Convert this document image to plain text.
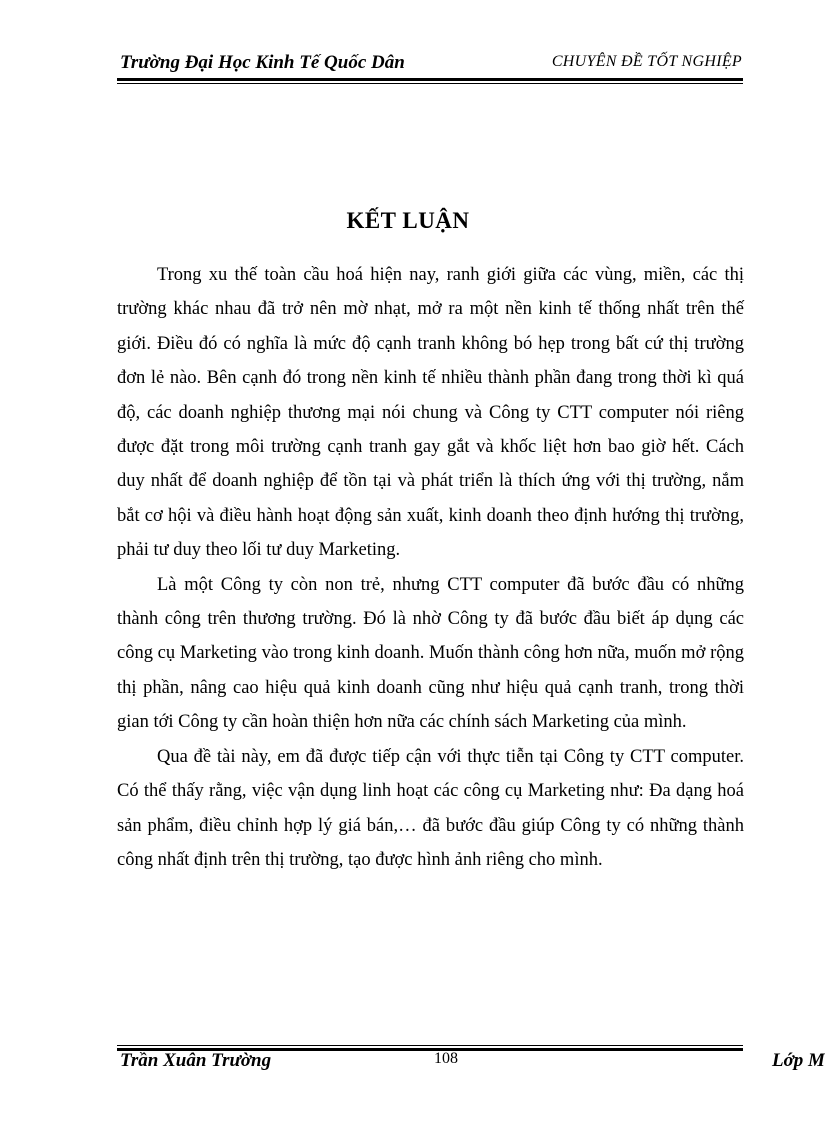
Trường Đại Học Kinh Tế Quốc Dân	CHUYÊN ĐỀ TỐT NGHIỆP
KẾT LUẬN

Trong xu thế toàn cầu hoá hiện nay, ranh giới giữa các vùng, miền, các thị trường khác nhau đã trở nên mờ nhạt, mở ra một nền kinh tế thống nhất trên thế giới. Điều đó có nghĩa là mức độ cạnh tranh không bó hẹp trong bất cứ thị trường đơn lẻ nào. Bên cạnh đó trong nền kinh tế nhiều thành phần đang trong thời kì quá độ, các doanh nghiệp thương mại nói chung và Công ty CTT computer nói riêng được đặt trong môi trường cạnh tranh gay gắt và khốc liệt hơn bao giờ hết. Cách duy nhất để doanh nghiệp để tồn tại và phát triển là thích ứng với thị trường, nắm bắt cơ hội và điều hành hoạt động sản xuất, kinh doanh theo định hướng thị trường, phải tư duy theo lối tư duy Marketing.

Là một Công ty còn non trẻ, nhưng CTT computer đã bước đầu có những thành công trên thương trường. Đó là nhờ Công ty đã bước đầu biết áp dụng các công cụ Marketing vào trong kinh doanh. Muốn thành công hơn nữa, muốn mở rộng thị phần, nâng cao hiệu quả kinh doanh cũng như hiệu quả cạnh tranh, trong thời gian tới Công ty cần hoàn thiện hơn nữa các chính sách Marketing của mình.

Qua đề tài này, em đã được tiếp cận với thực tiễn tại Công ty CTT computer. Có thể thấy rằng, việc vận dụng linh hoạt các công cụ Marketing như: Đa dạng hoá sản phẩm, điều chỉnh hợp lý giá bán,… đã bước đầu giúp Công ty có những thành công nhất định trên thị trường, tạo được hình ảnh riêng cho mình.

Trần Xuân Trường	108	Lớp M
